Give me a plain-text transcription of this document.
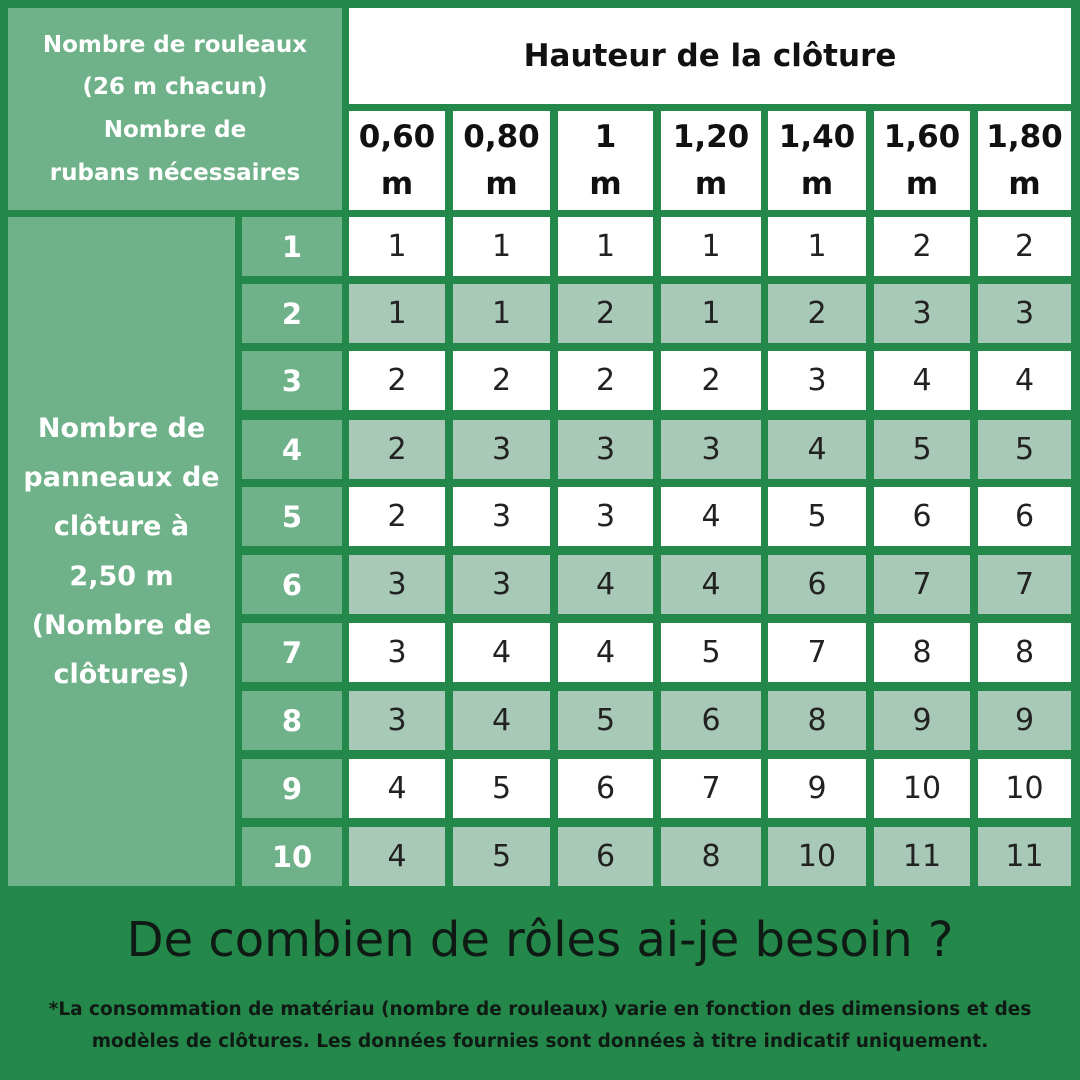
Nombre de rouleaux
(26 m chacun)
Nombre de
rubans nécessaires
Hauteur de la clôture
Nombre de panneaux de clôture à 2,50 m (Nombre de clôtures)
0,60
m
0,80
m
1
m
1,20
m
1,40
m
1,60
m
1,80
m
1	1	1	1	1	1	2	2
2	1	1	2	1	2	3	3
3	2	2	2	2	3	4	4
4	2	3	3	3	4	5	5
5	2	3	3	4	5	6	6
6	3	3	4	4	6	7	7
7	3	4	4	5	7	8	8
8	3	4	5	6	8	9	9
9	4	5	6	7	9	10	10
10	4	5	6	8	10	11	11
De combien de rôles ai-je besoin ?
*La consommation de matériau (nombre de rouleaux) varie en fonction des dimensions et des modèles de clôtures. Les données fournies sont données à titre indicatif uniquement.
